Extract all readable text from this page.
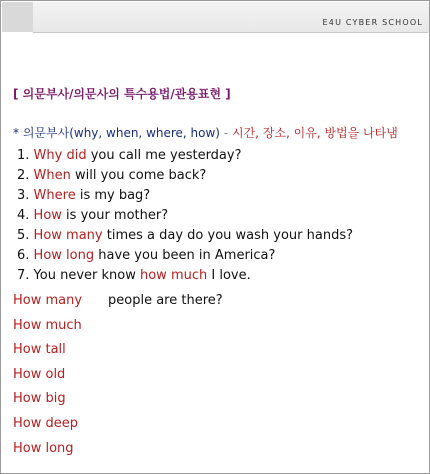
E4U CYBER SCHOOL
[ 의문부사/의문사의 특수용법/관용표현 ]
* 의문부사(why, when, where, how) - 시간, 장소, 이유, 방법을 나타냄
1. Why did you call me yesterday?
2. When will you come back?
3. Where is my bag?
4. How is your mother?
5. How many times a day do you wash your hands?
6. How long have you been in America?
7. You never know how much I love.
How many people are there?
How much
How tall
How old
How big
How deep
How long
